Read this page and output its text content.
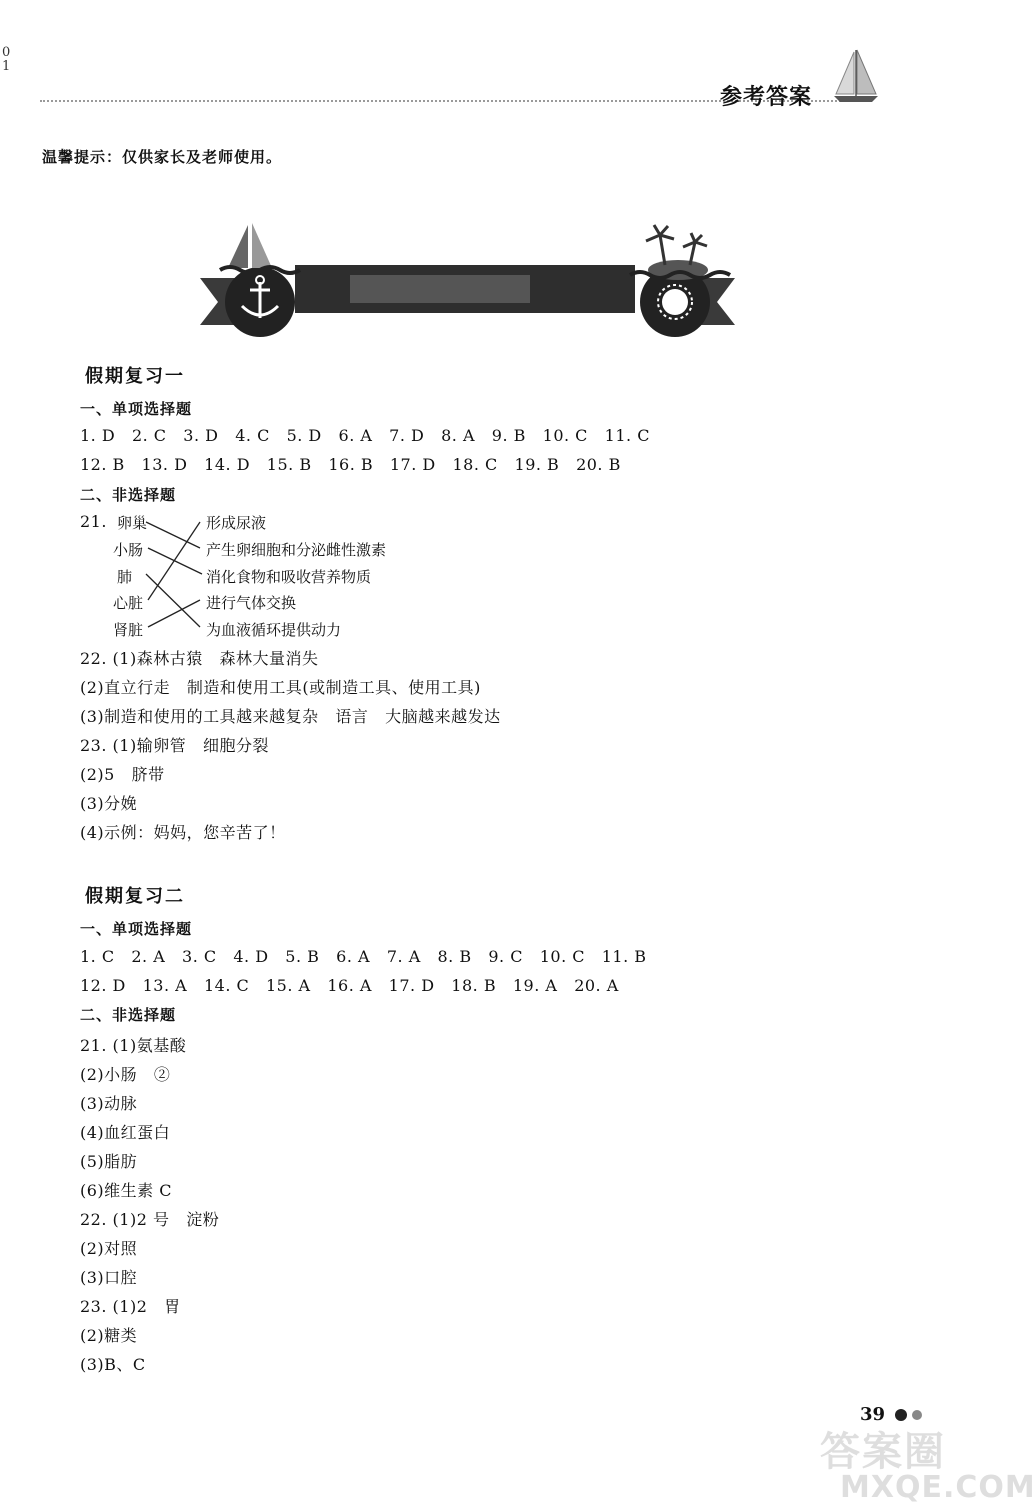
0
1
参考答案
温馨提示：仅供家长及老师使用。
假期复习一
一、单项选择题
1. D   2. C   3. D   4. C   5. D   6. A   7. D   8. A   9. B   10. C   11. C
12. B   13. D   14. D   15. B   16. B   17. D   18. C   19. B   20. B
二、非选择题
21. 卵巢
小肠
肺
心脏
肾脏
形成尿液
产生卵细胞和分泌雌性激素
消化食物和吸收营养物质
进行气体交换
为血液循环提供动力
22. (1)森林古猿   森林大量消失
(2)直立行走   制造和使用工具(或制造工具、使用工具)
(3)制造和使用的工具越来越复杂   语言   大脑越来越发达
23. (1)输卵管   细胞分裂
(2)5   脐带
(3)分娩
(4)示例：妈妈，您辛苦了！
假期复习二
一、单项选择题
1. C   2. A   3. C   4. D   5. B   6. A   7. A   8. B   9. C   10. C   11. B
12. D   13. A   14. C   15. A   16. A   17. D   18. B   19. A   20. A
二、非选择题
21. (1)氨基酸
(2)小肠   ②
(3)动脉
(4)血红蛋白
(5)脂肪
(6)维生素 C
22. (1)2 号   淀粉
(2)对照
(3)口腔
23. (1)2   胃
(2)糖类
(3)B、C
39
答案圈
MXQE.COM
